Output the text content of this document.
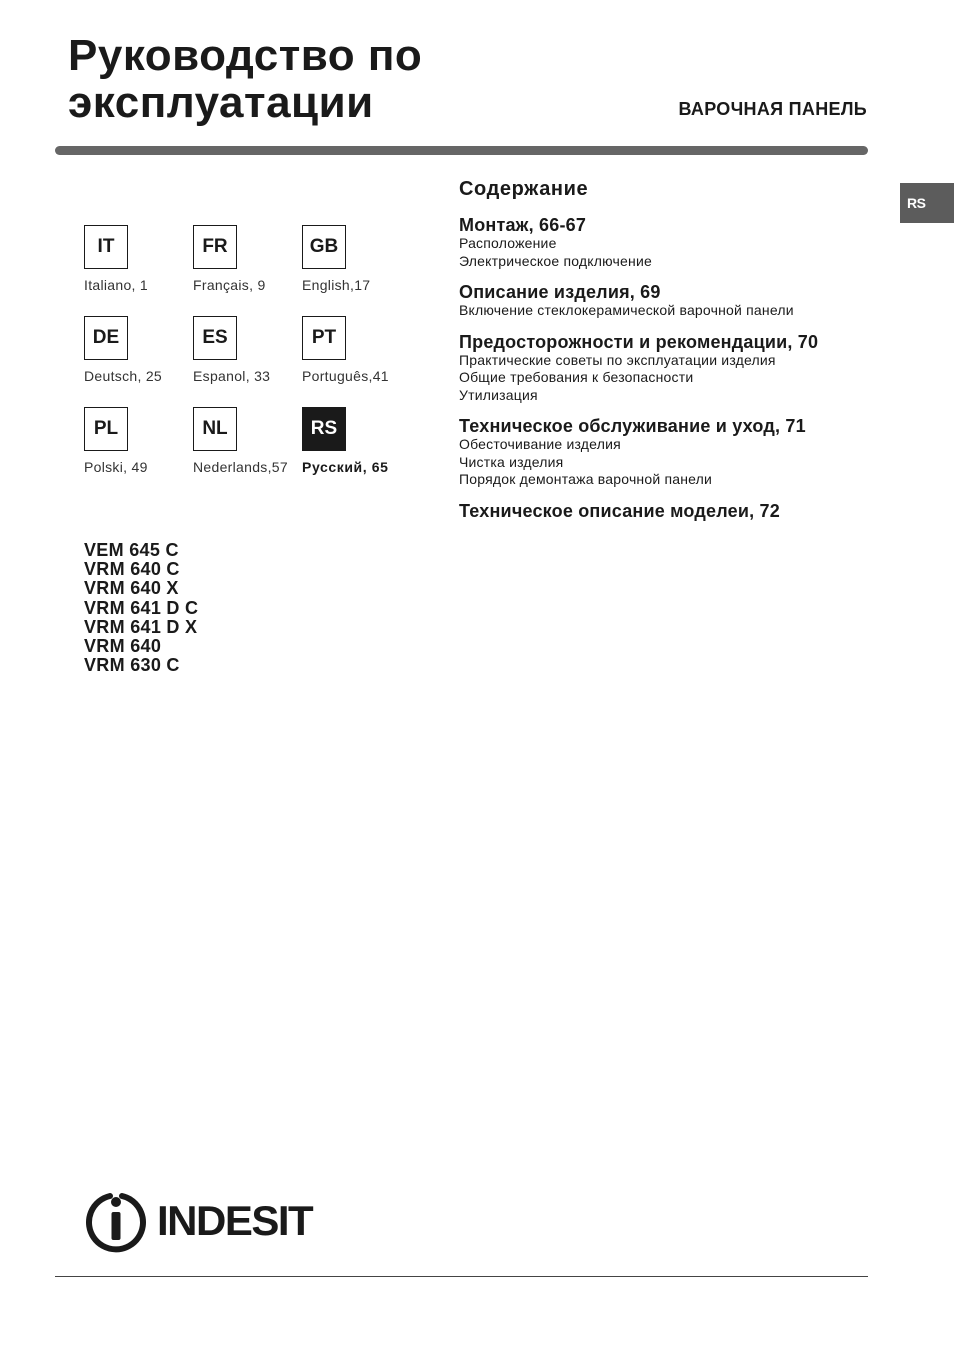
Руководство по
эксплуатации	ВАРОЧНАЯ ПАНЕЛЬ
RS
IT
Italiano, 1
FR
Français, 9
GB
English,17
DE
Deutsch, 25
ES
Espanol, 33
PT
Português,41
PL
Polski, 49
NL
Nederlands,57
RS
Русский, 65
VEM 645 C
VRM 640 C
VRM 640 X
VRM 641 D C
VRM 641 D X
VRM 640
VRM 630 C
Содержание
Монтаж, 66-67
Расположение
Электрическое подключение
Описание изделия, 69
Включение стеклокерамической варочной панели
Предосторожности и рекомендации, 70
Практические советы по эксплуатации изделия
Общие требования к безопасности
Утилизация
Техническое обслуживание и уход, 71
Обесточивание изделия
Чистка изделия
Порядок демонтажа варочной панели
Техническое описание моделеи, 72
INDESIT
